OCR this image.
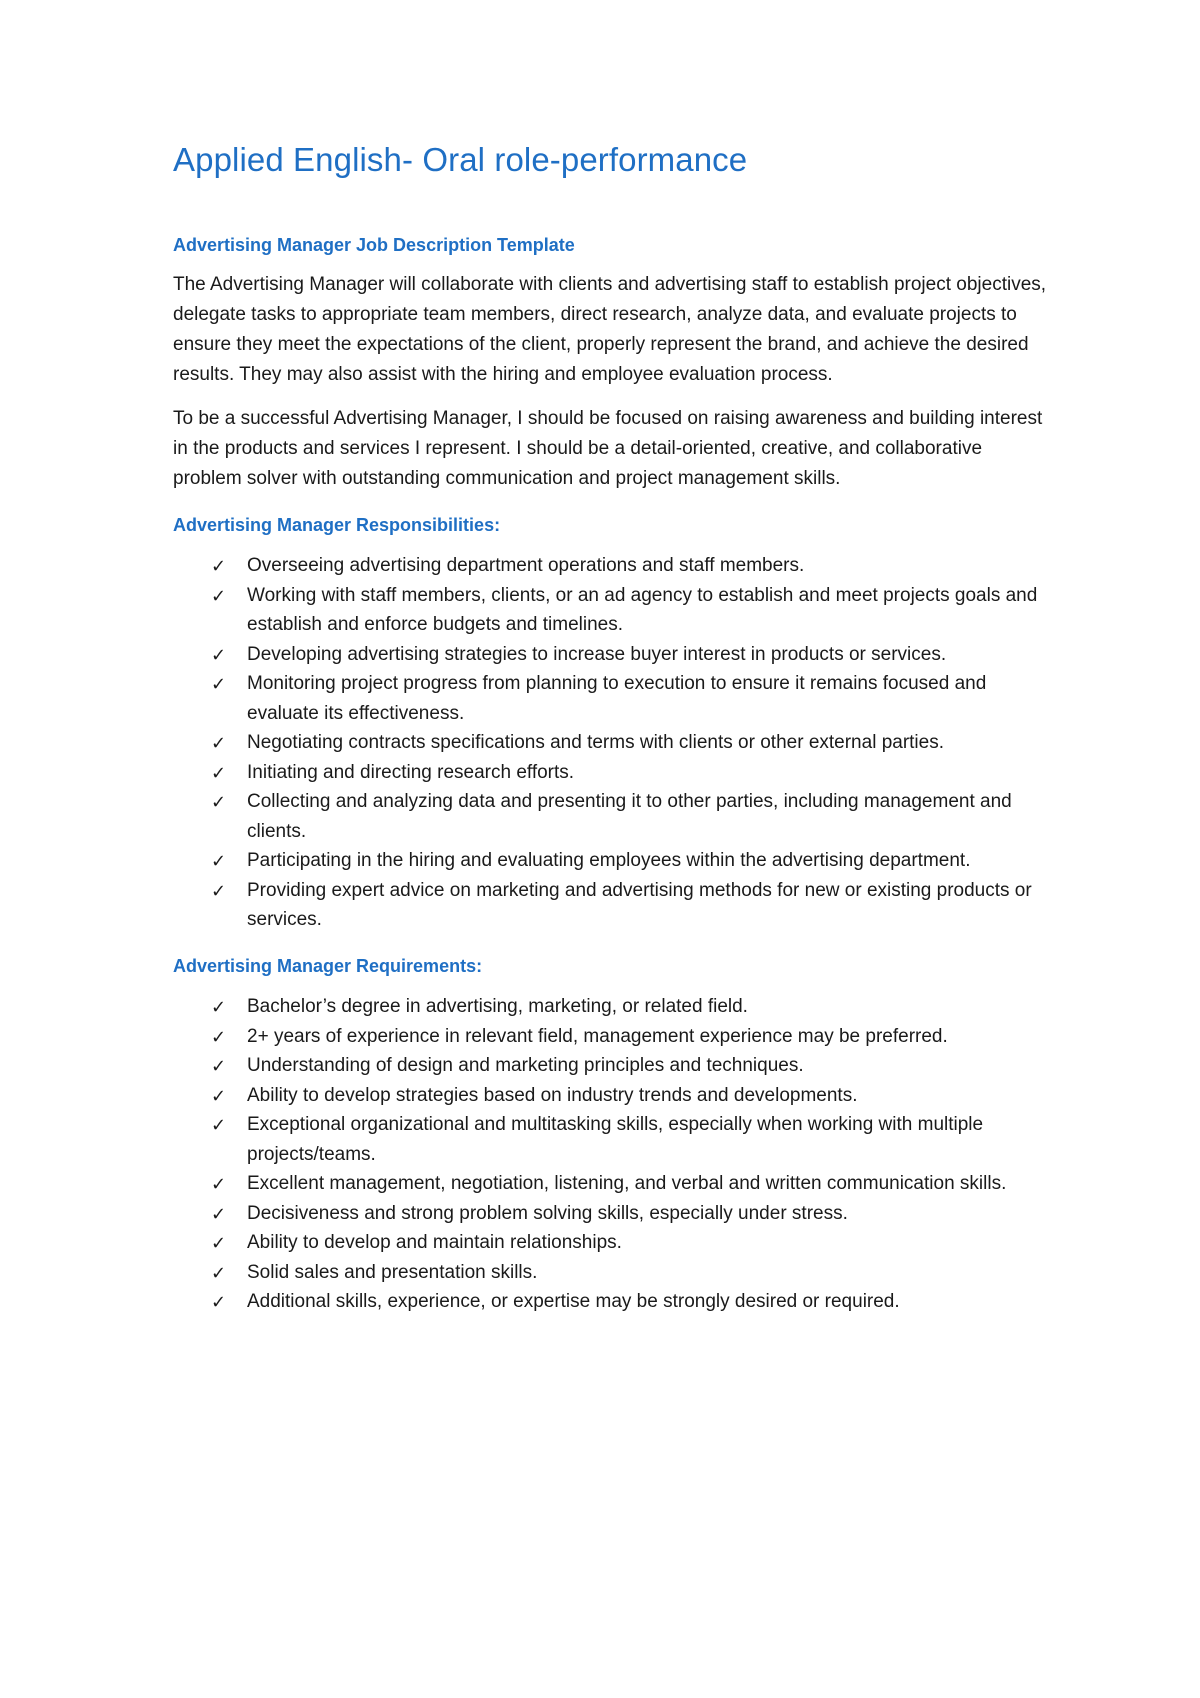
Applied English- Oral role-performance
Advertising Manager Job Description Template

The Advertising Manager will collaborate with clients and advertising staff to establish project objectives, delegate tasks to appropriate team members, direct research, analyze data, and evaluate projects to ensure they meet the expectations of the client, properly represent the brand, and achieve the desired results. They may also assist with the hiring and employee evaluation process.

To be a successful Advertising Manager, I should be focused on raising awareness and building interest in the products and services I represent. I should be a detail-oriented, creative, and collaborative problem solver with outstanding communication and project management skills.

Advertising Manager Responsibilities:
✓ Overseeing advertising department operations and staff members.
✓ Working with staff members, clients, or an ad agency to establish and meet projects goals and establish and enforce budgets and timelines.
✓ Developing advertising strategies to increase buyer interest in products or services.
✓ Monitoring project progress from planning to execution to ensure it remains focused and evaluate its effectiveness.
✓ Negotiating contracts specifications and terms with clients or other external parties.
✓ Initiating and directing research efforts.
✓ Collecting and analyzing data and presenting it to other parties, including management and clients.
✓ Participating in the hiring and evaluating employees within the advertising department.
✓ Providing expert advice on marketing and advertising methods for new or existing products or services.
Advertising Manager Requirements:
✓ Bachelor’s degree in advertising, marketing, or related field.
✓ 2+ years of experience in relevant field, management experience may be preferred.
✓ Understanding of design and marketing principles and techniques.
✓ Ability to develop strategies based on industry trends and developments.
✓ Exceptional organizational and multitasking skills, especially when working with multiple projects/teams.
✓ Excellent management, negotiation, listening, and verbal and written communication skills.
✓ Decisiveness and strong problem solving skills, especially under stress.
✓ Ability to develop and maintain relationships.
✓ Solid sales and presentation skills.
✓ Additional skills, experience, or expertise may be strongly desired or required.
